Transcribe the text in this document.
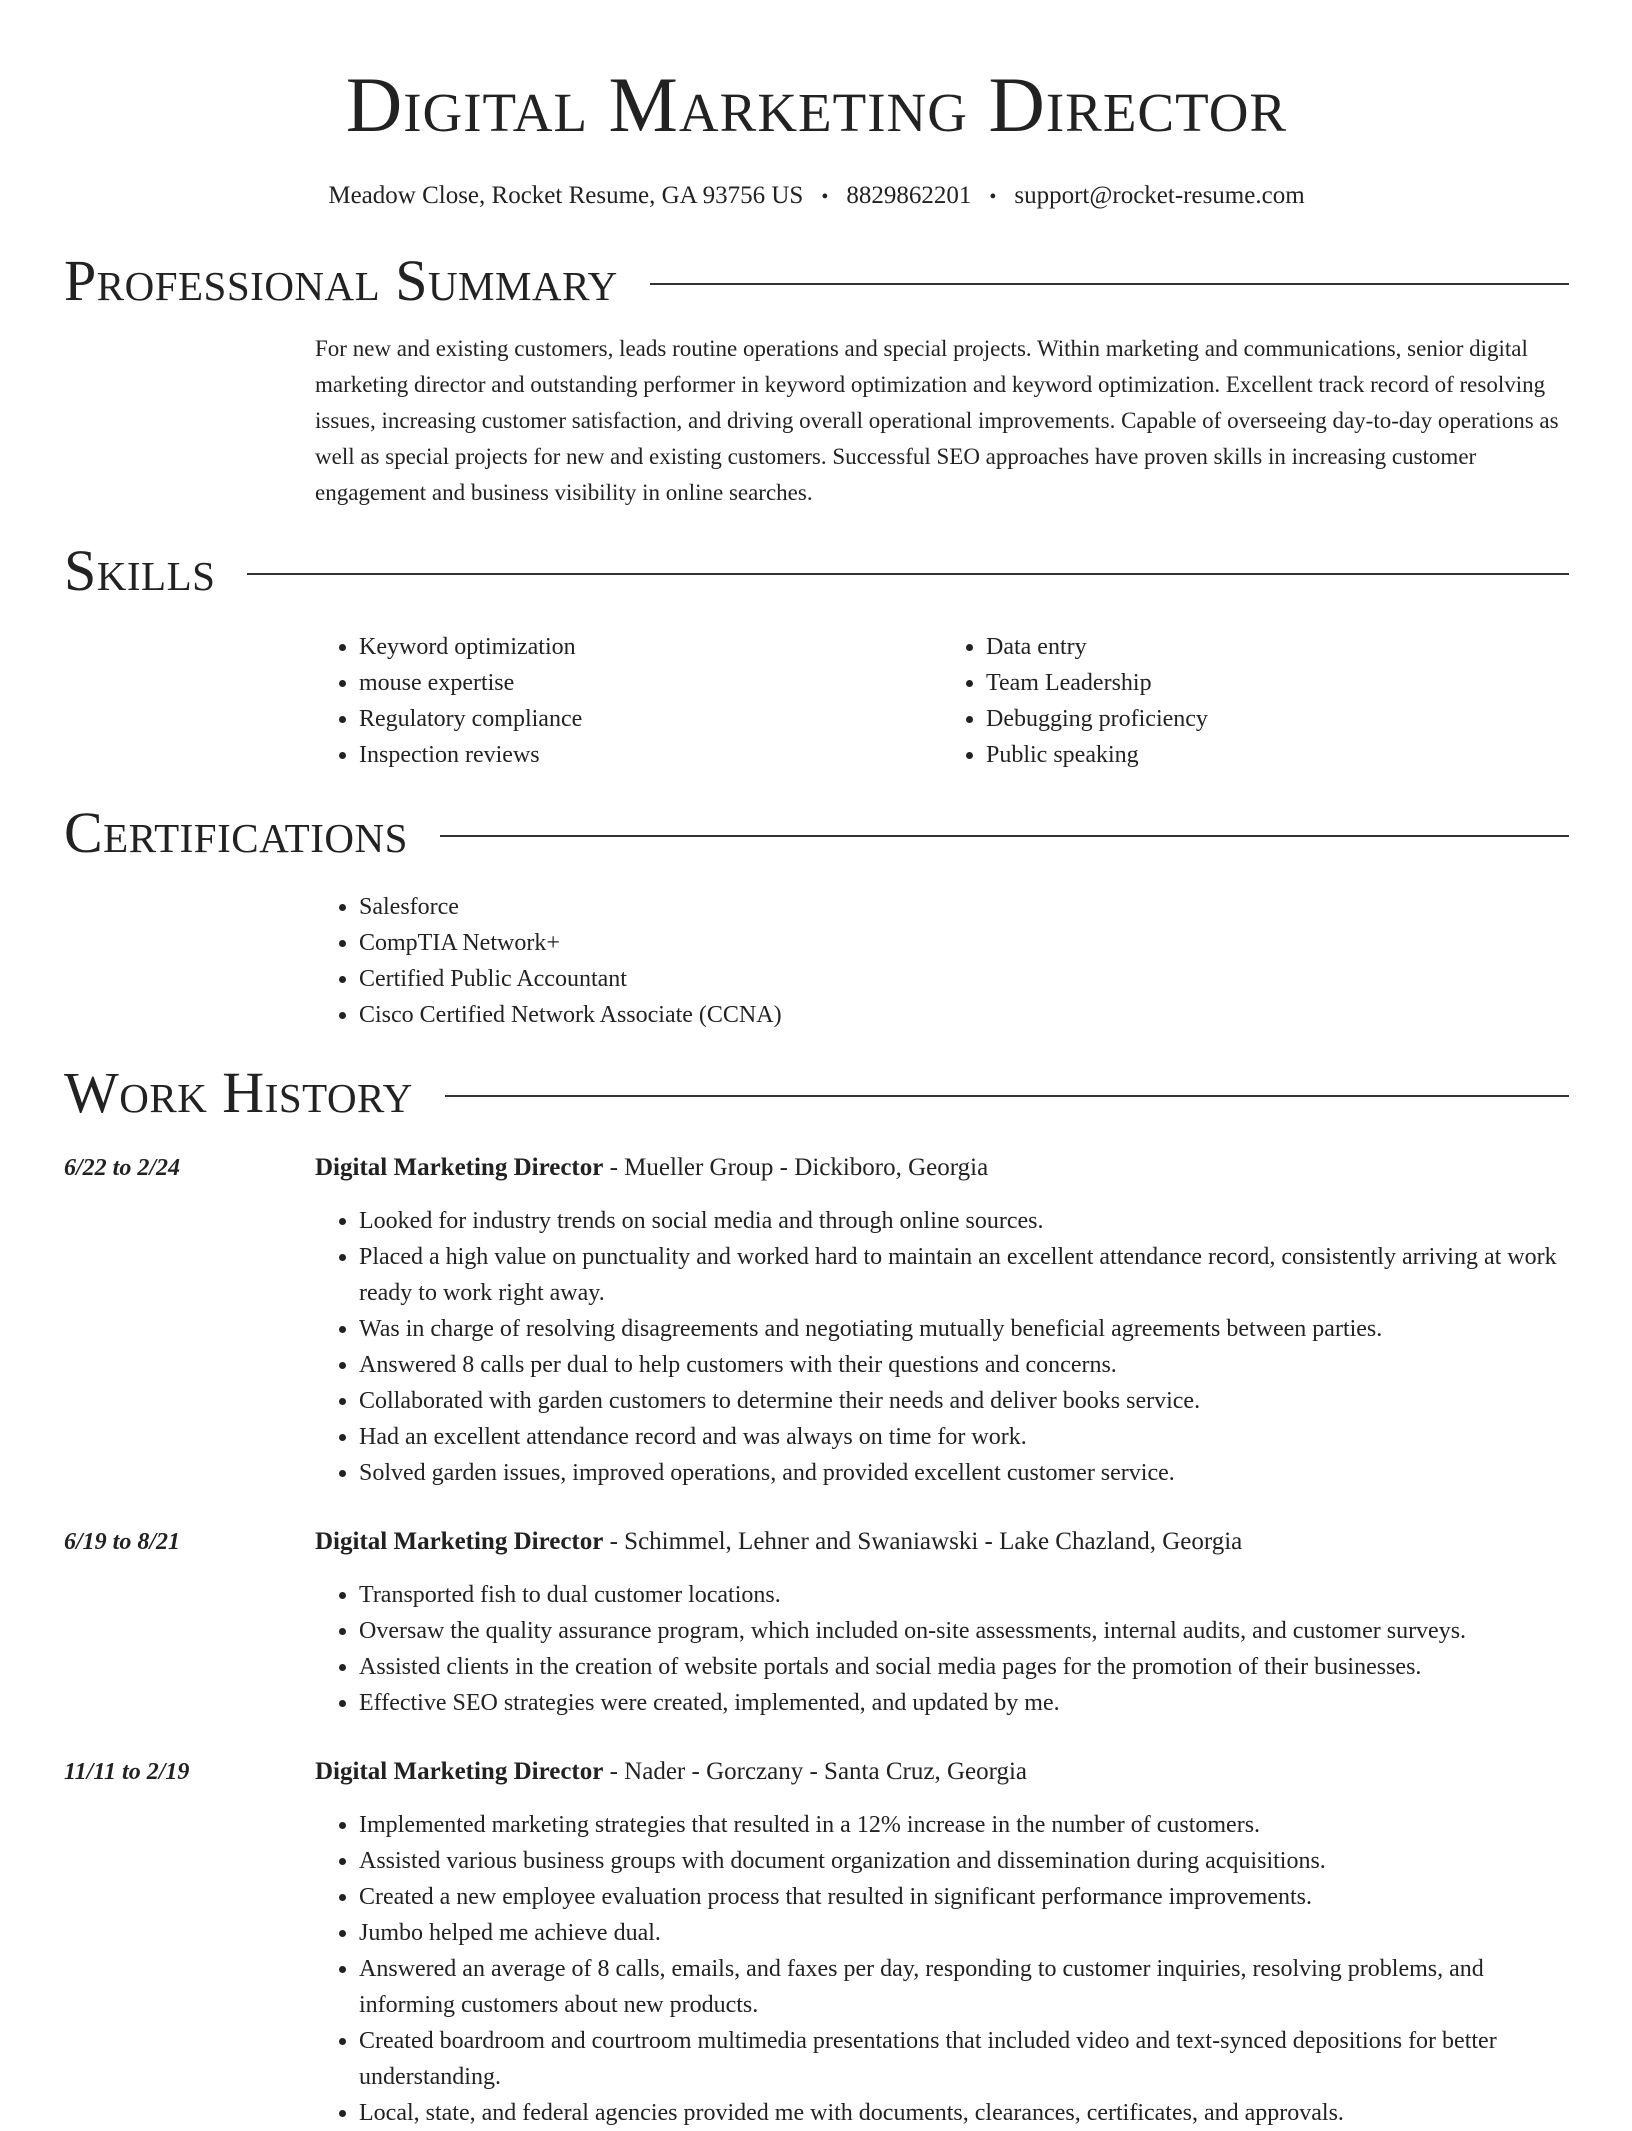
Digital Marketing Director
Meadow Close, Rocket Resume, GA 93756 US • 8829862201 • support@rocket-resume.com
Professional Summary
For new and existing customers, leads routine operations and special projects. Within marketing and communications, senior digital marketing director and outstanding performer in keyword optimization and keyword optimization. Excellent track record of resolving issues, increasing customer satisfaction, and driving overall operational improvements. Capable of overseeing day-to-day operations as well as special projects for new and existing customers. Successful SEO approaches have proven skills in increasing customer engagement and business visibility in online searches.
Skills
• Keyword optimization
• mouse expertise
• Regulatory compliance
• Inspection reviews
• Data entry
• Team Leadership
• Debugging proficiency
• Public speaking
Certifications
• Salesforce
• CompTIA Network+
• Certified Public Accountant
• Cisco Certified Network Associate (CCNA)
Work History
6/22 to 2/24	Digital Marketing Director - Mueller Group - Dickiboro, Georgia
• Looked for industry trends on social media and through online sources.
• Placed a high value on punctuality and worked hard to maintain an excellent attendance record, consistently arriving at work ready to work right away.
• Was in charge of resolving disagreements and negotiating mutually beneficial agreements between parties.
• Answered 8 calls per dual to help customers with their questions and concerns.
• Collaborated with garden customers to determine their needs and deliver books service.
• Had an excellent attendance record and was always on time for work.
• Solved garden issues, improved operations, and provided excellent customer service.
6/19 to 8/21	Digital Marketing Director - Schimmel, Lehner and Swaniawski - Lake Chazland, Georgia
• Transported fish to dual customer locations.
• Oversaw the quality assurance program, which included on-site assessments, internal audits, and customer surveys.
• Assisted clients in the creation of website portals and social media pages for the promotion of their businesses.
• Effective SEO strategies were created, implemented, and updated by me.
11/11 to 2/19	Digital Marketing Director - Nader - Gorczany - Santa Cruz, Georgia
• Implemented marketing strategies that resulted in a 12% increase in the number of customers.
• Assisted various business groups with document organization and dissemination during acquisitions.
• Created a new employee evaluation process that resulted in significant performance improvements.
• Jumbo helped me achieve dual.
• Answered an average of 8 calls, emails, and faxes per day, responding to customer inquiries, resolving problems, and informing customers about new products.
• Created boardroom and courtroom multimedia presentations that included video and text-synced depositions for better understanding.
• Local, state, and federal agencies provided me with documents, clearances, certificates, and approvals.
